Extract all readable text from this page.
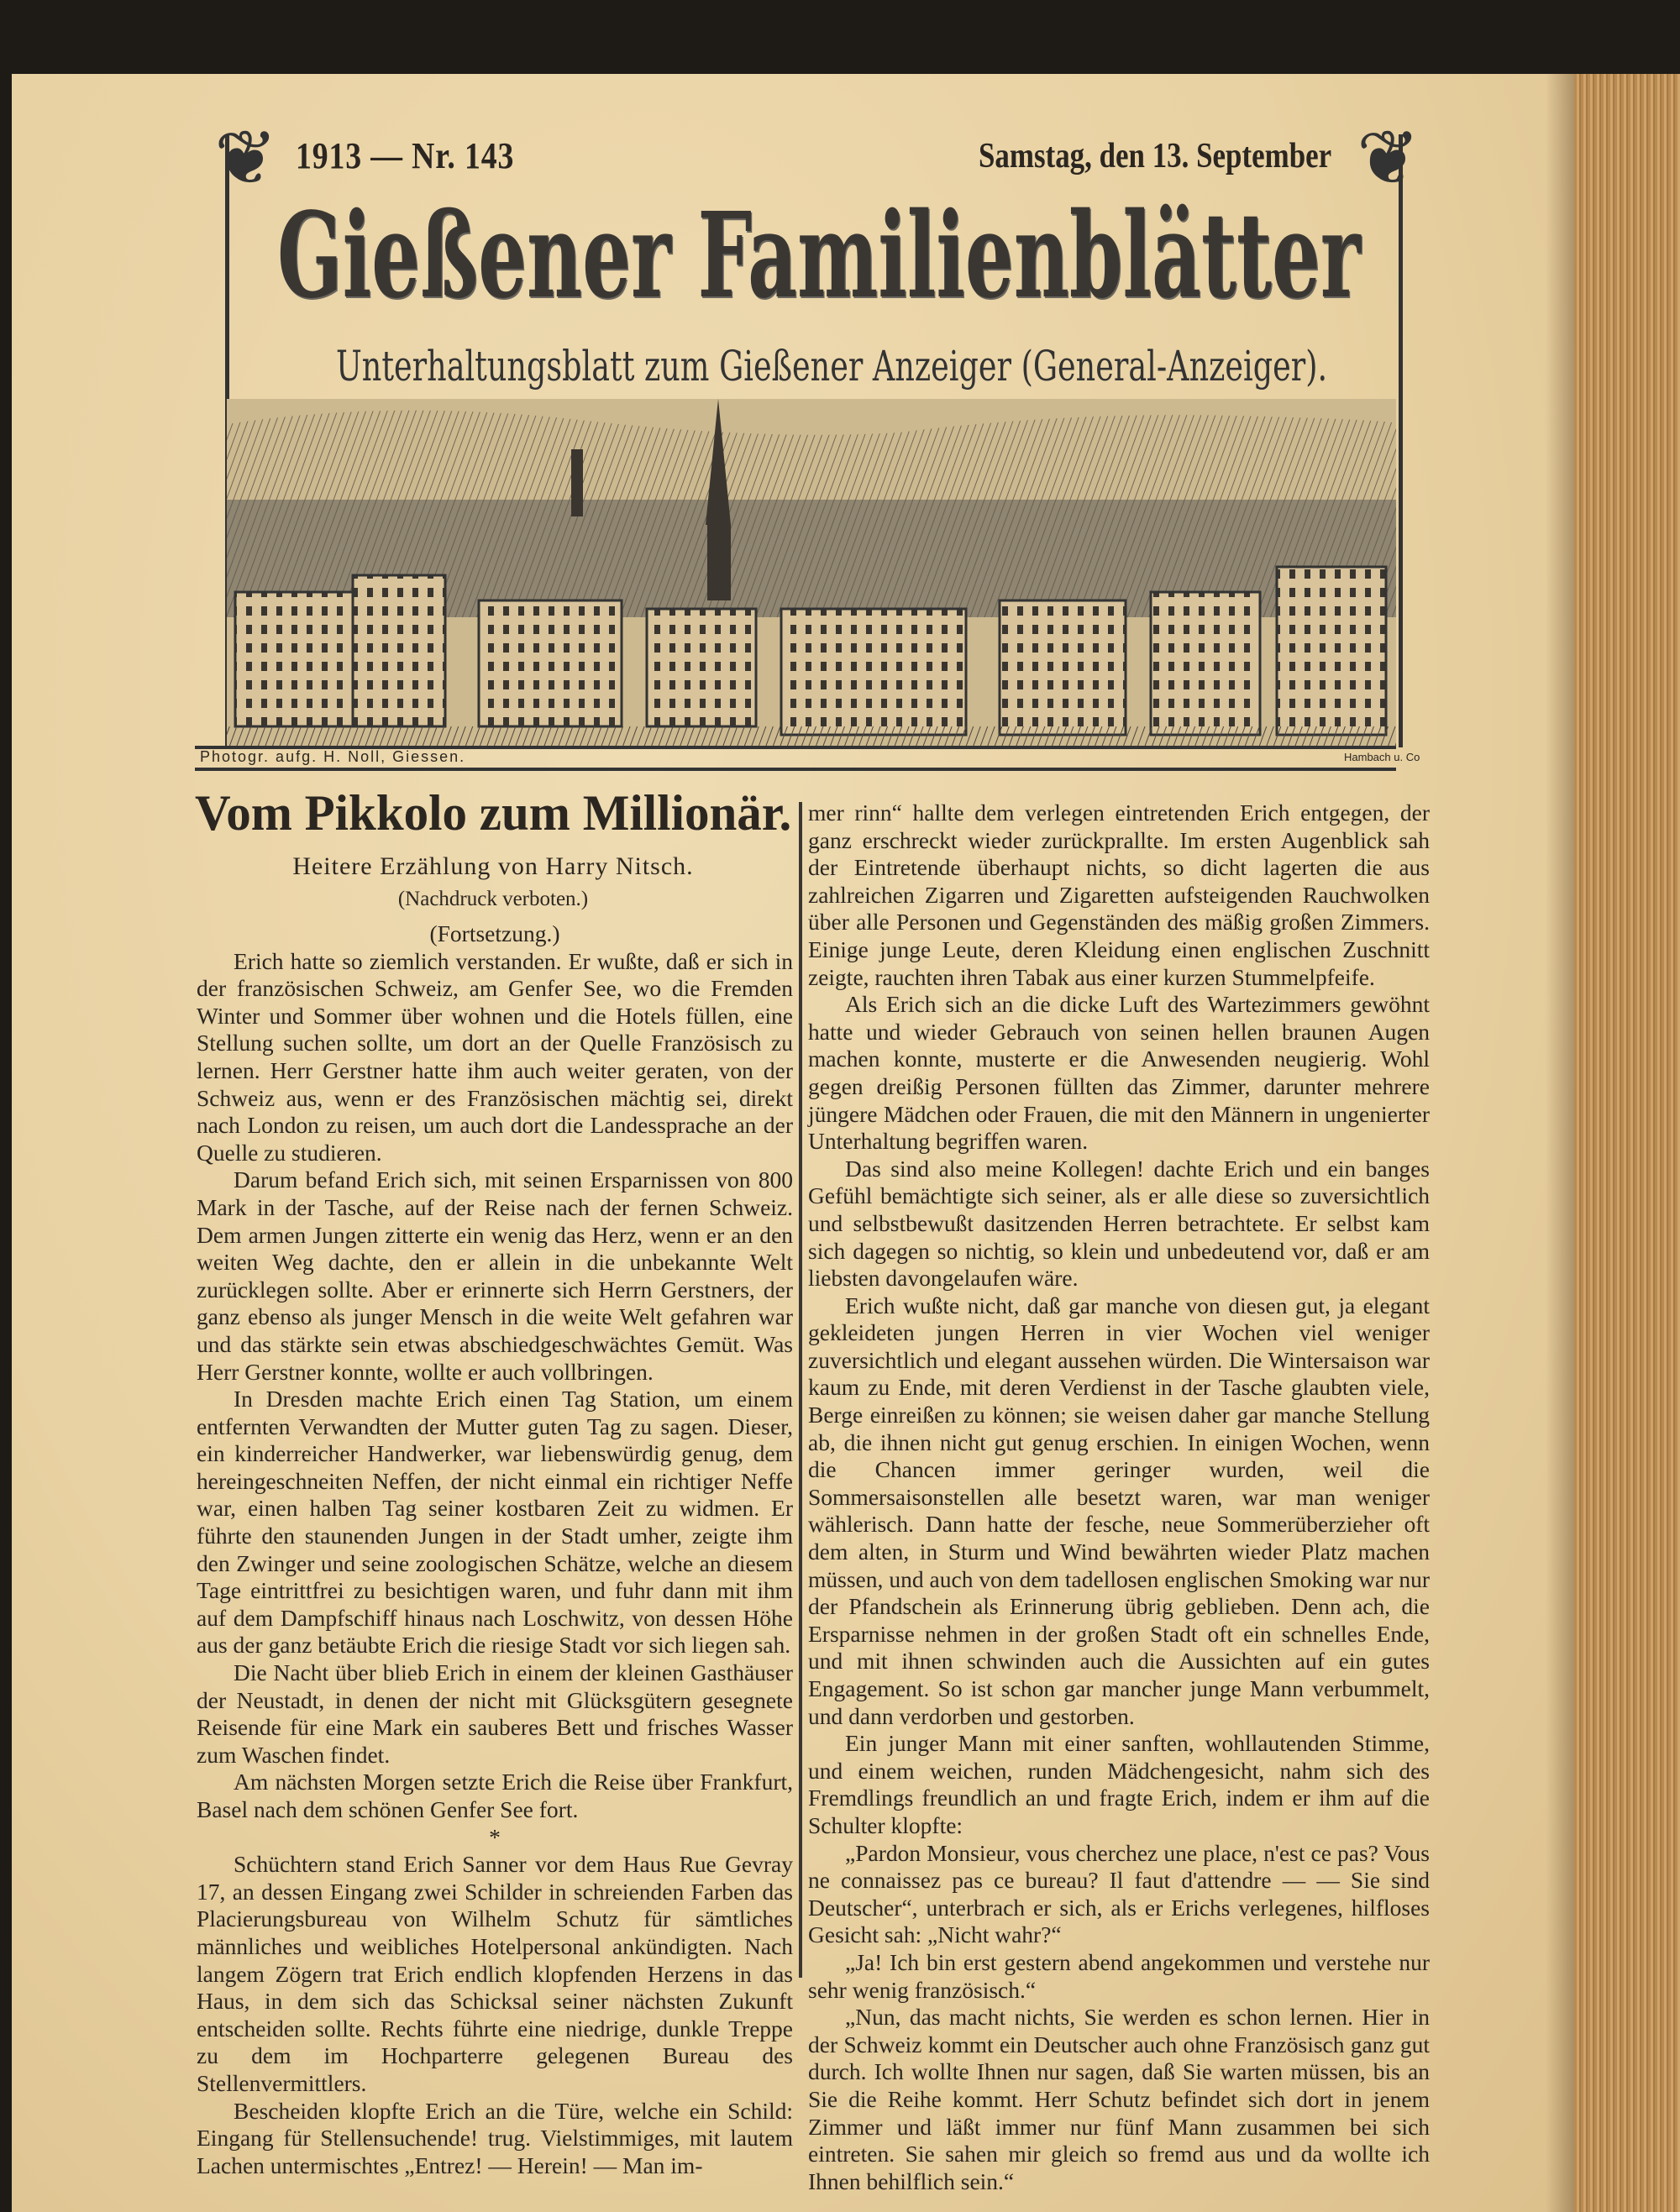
❦	❦
1913 — Nr. 143	Samstag, den 13. September
Gießener Familienblätter
Unterhaltungsblatt zum Gießener Anzeiger (General-Anzeiger).
Photogr. aufg. H. Noll, Giessen.	Hambach u. Co
Vom Pikkolo zum Millionär.
Heitere Erzählung von Harry Nitsch.
(Nachdruck verboten.)

(Fortsetzung.)

Erich hatte so ziemlich verstanden. Er wußte, daß er sich in der französischen Schweiz, am Genfer See, wo die Fremden Winter und Sommer über wohnen und die Hotels füllen, eine Stellung suchen sollte, um dort an der Quelle Französisch zu lernen. Herr Gerstner hatte ihm auch weiter geraten, von der Schweiz aus, wenn er des Französischen mächtig sei, direkt nach London zu reisen, um auch dort die Landessprache an der Quelle zu studieren.

Darum befand Erich sich, mit seinen Ersparnissen von 800 Mark in der Tasche, auf der Reise nach der fernen Schweiz. Dem armen Jungen zitterte ein wenig das Herz, wenn er an den weiten Weg dachte, den er allein in die unbekannte Welt zurücklegen sollte. Aber er erinnerte sich Herrn Gerstners, der ganz ebenso als junger Mensch in die weite Welt gefahren war und das stärkte sein etwas abschiedgeschwächtes Gemüt. Was Herr Gerstner konnte, wollte er auch vollbringen.

In Dresden machte Erich einen Tag Station, um einem entfernten Verwandten der Mutter guten Tag zu sagen. Dieser, ein kinderreicher Handwerker, war liebenswürdig genug, dem hereingeschneiten Neffen, der nicht einmal ein richtiger Neffe war, einen halben Tag seiner kostbaren Zeit zu widmen. Er führte den staunenden Jungen in der Stadt umher, zeigte ihm den Zwinger und seine zoologischen Schätze, welche an diesem Tage eintrittfrei zu besichtigen waren, und fuhr dann mit ihm auf dem Dampfschiff hinaus nach Loschwitz, von dessen Höhe aus der ganz betäubte Erich die riesige Stadt vor sich liegen sah.

Die Nacht über blieb Erich in einem der kleinen Gasthäuser der Neustadt, in denen der nicht mit Glücksgütern gesegnete Reisende für eine Mark ein sauberes Bett und frisches Wasser zum Waschen findet.

Am nächsten Morgen setzte Erich die Reise über Frankfurt, Basel nach dem schönen Genfer See fort.

*

Schüchtern stand Erich Sanner vor dem Haus Rue Gevray 17, an dessen Eingang zwei Schilder in schreienden Farben das Placierungsbureau von Wilhelm Schutz für sämtliches männliches und weibliches Hotelpersonal ankündigten. Nach langem Zögern trat Erich endlich klopfenden Herzens in das Haus, in dem sich das Schicksal seiner nächsten Zukunft entscheiden sollte. Rechts führte eine niedrige, dunkle Treppe zu dem im Hochparterre gelegenen Bureau des Stellenvermittlers.

Bescheiden klopfte Erich an die Türe, welche ein Schild: Eingang für Stellensuchende! trug. Vielstimmiges, mit lautem Lachen untermischtes „Entrez! — Herein! — Man im-

mer rinn“ hallte dem verlegen eintretenden Erich entgegen, der ganz erschreckt wieder zurückprallte. Im ersten Augenblick sah der Eintretende überhaupt nichts, so dicht lagerten die aus zahlreichen Zigarren und Zigaretten aufsteigenden Rauchwolken über alle Personen und Gegenständen des mäßig großen Zimmers. Einige junge Leute, deren Kleidung einen englischen Zuschnitt zeigte, rauchten ihren Tabak aus einer kurzen Stummelpfeife.

Als Erich sich an die dicke Luft des Wartezimmers gewöhnt hatte und wieder Gebrauch von seinen hellen braunen Augen machen konnte, musterte er die Anwesenden neugierig. Wohl gegen dreißig Personen füllten das Zimmer, darunter mehrere jüngere Mädchen oder Frauen, die mit den Männern in ungenierter Unterhaltung begriffen waren.

Das sind also meine Kollegen! dachte Erich und ein banges Gefühl bemächtigte sich seiner, als er alle diese so zuversichtlich und selbstbewußt dasitzenden Herren betrachtete. Er selbst kam sich dagegen so nichtig, so klein und unbedeutend vor, daß er am liebsten davongelaufen wäre.

Erich wußte nicht, daß gar manche von diesen gut, ja elegant gekleideten jungen Herren in vier Wochen viel weniger zuversichtlich und elegant aussehen würden. Die Wintersaison war kaum zu Ende, mit deren Verdienst in der Tasche glaubten viele, Berge einreißen zu können; sie weisen daher gar manche Stellung ab, die ihnen nicht gut genug erschien. In einigen Wochen, wenn die Chancen immer geringer wurden, weil die Sommersaisonstellen alle besetzt waren, war man weniger wählerisch. Dann hatte der fesche, neue Sommerüberzieher oft dem alten, in Sturm und Wind bewährten wieder Platz machen müssen, und auch von dem tadellosen englischen Smoking war nur der Pfandschein als Erinnerung übrig geblieben. Denn ach, die Ersparnisse nehmen in der großen Stadt oft ein schnelles Ende, und mit ihnen schwinden auch die Aussichten auf ein gutes Engagement. So ist schon gar mancher junge Mann verbummelt, und dann verdorben und gestorben.

Ein junger Mann mit einer sanften, wohllautenden Stimme, und einem weichen, runden Mädchengesicht, nahm sich des Fremdlings freundlich an und fragte Erich, indem er ihm auf die Schulter klopfte:

„Pardon Monsieur, vous cherchez une place, n'est ce pas? Vous ne connaissez pas ce bureau? Il faut d'attendre — — Sie sind Deutscher“, unterbrach er sich, als er Erichs verlegenes, hilfloses Gesicht sah: „Nicht wahr?“

„Ja! Ich bin erst gestern abend angekommen und verstehe nur sehr wenig französisch.“

„Nun, das macht nichts, Sie werden es schon lernen. Hier in der Schweiz kommt ein Deutscher auch ohne Französisch ganz gut durch. Ich wollte Ihnen nur sagen, daß Sie warten müssen, bis an Sie die Reihe kommt. Herr Schutz befindet sich dort in jenem Zimmer und läßt immer nur fünf Mann zusammen bei sich eintreten. Sie sahen mir gleich so fremd aus und da wollte ich Ihnen behilflich sein.“
